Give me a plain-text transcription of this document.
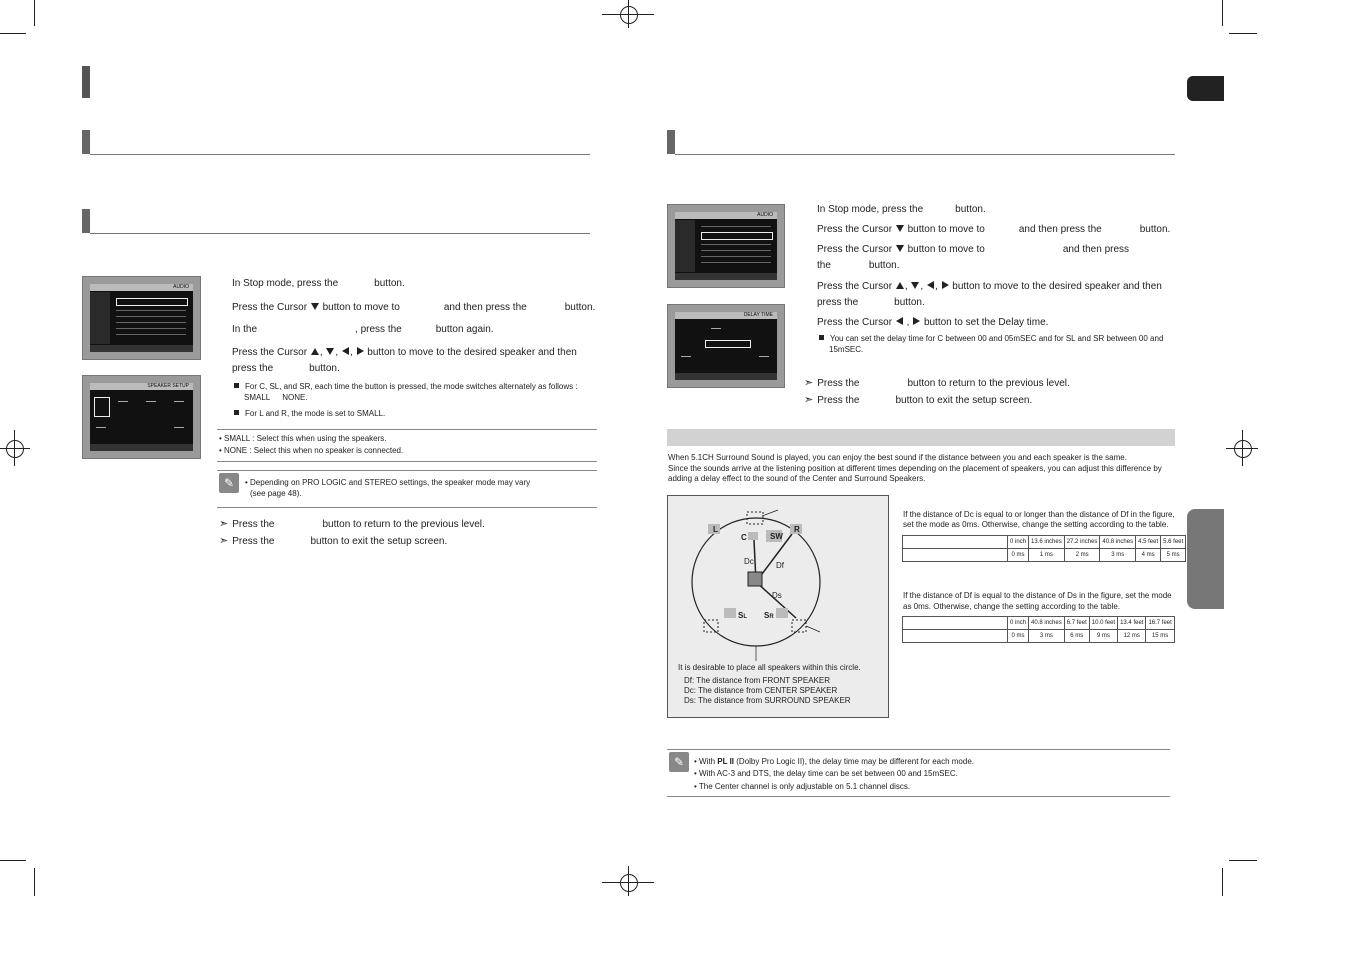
AUDIO
SPEAKER SETUP
In Stop mode, press the	button.
Press the Cursor button to move to	and then press the	button.
In the	, press the	button again.
Press the Cursor , , ,  button to move to the desired speaker and then
press the	button.
For C, SL, and SR, each time the button is pressed, the mode switches alternately as follows :
SMALL NONE.
For L and R, the mode is set to SMALL.
• SMALL : Select this when using the speakers.
• NONE : Select this when no speaker is connected.
✎	• Depending on PRO LOGIC and STEREO settings, the speaker mode may vary
(see page 48).
➣ Press the	button to return to the previous level.
➣ Press the	button to exit the setup screen.
AUDIO
DELAY TIME
In Stop mode, press the	button.
Press the Cursor button to move to	and then press the	button.
Press the Cursor button to move to	and then press
the	button.
Press the Cursor , , ,  button to move to the desired speaker and then
press the	button.
Press the Cursor  ,  button to set the Delay time.
You can set the delay time for C between 00 and 05mSEC and for SL and SR between 00 and
15mSEC.
➣ Press the	button to return to the previous level.
➣ Press the	button to exit the setup screen.
When 5.1CH Surround Sound is played, you can enjoy the best sound if the distance between you and each speaker is the same.
Since the sounds arrive at the listening position at different times depending on the placement of speakers, you can adjust this difference by
adding a delay effect to the sound of the Center and Surround Speakers.
L
C	SW
R
Dc	Df
Ds
SL SR
It is desirable to place all speakers within this circle.
Df: The distance from FRONT SPEAKER
Dc: The distance from CENTER SPEAKER
Ds: The distance from SURROUND SPEAKER
If the distance of Dc is equal to or longer than the distance of Df in the figure,
set the mode as 0ms. Otherwise, change the setting according to the table.
	0 inch	13.6 inches	27.2 inches	40.8 inches	4.5 feet	5.6 feet
	0 ms	1 ms	2 ms	3 ms	4 ms	5 ms
If the distance of Df is equal to the distance of Ds in the figure, set the mode
as 0ms. Otherwise, change the setting according to the table.
	0 inch	40.8 inches	6.7 feet	10.0 feet	13.4 feet	16.7 feet
	0 ms	3 ms	6 ms	9 ms	12 ms	15 ms
✎	• With PL II (Dolby Pro Logic II), the delay time may be different for each mode.
• With AC-3 and DTS, the delay time can be set between 00 and 15mSEC.
• The Center channel is only adjustable on 5.1 channel discs.
